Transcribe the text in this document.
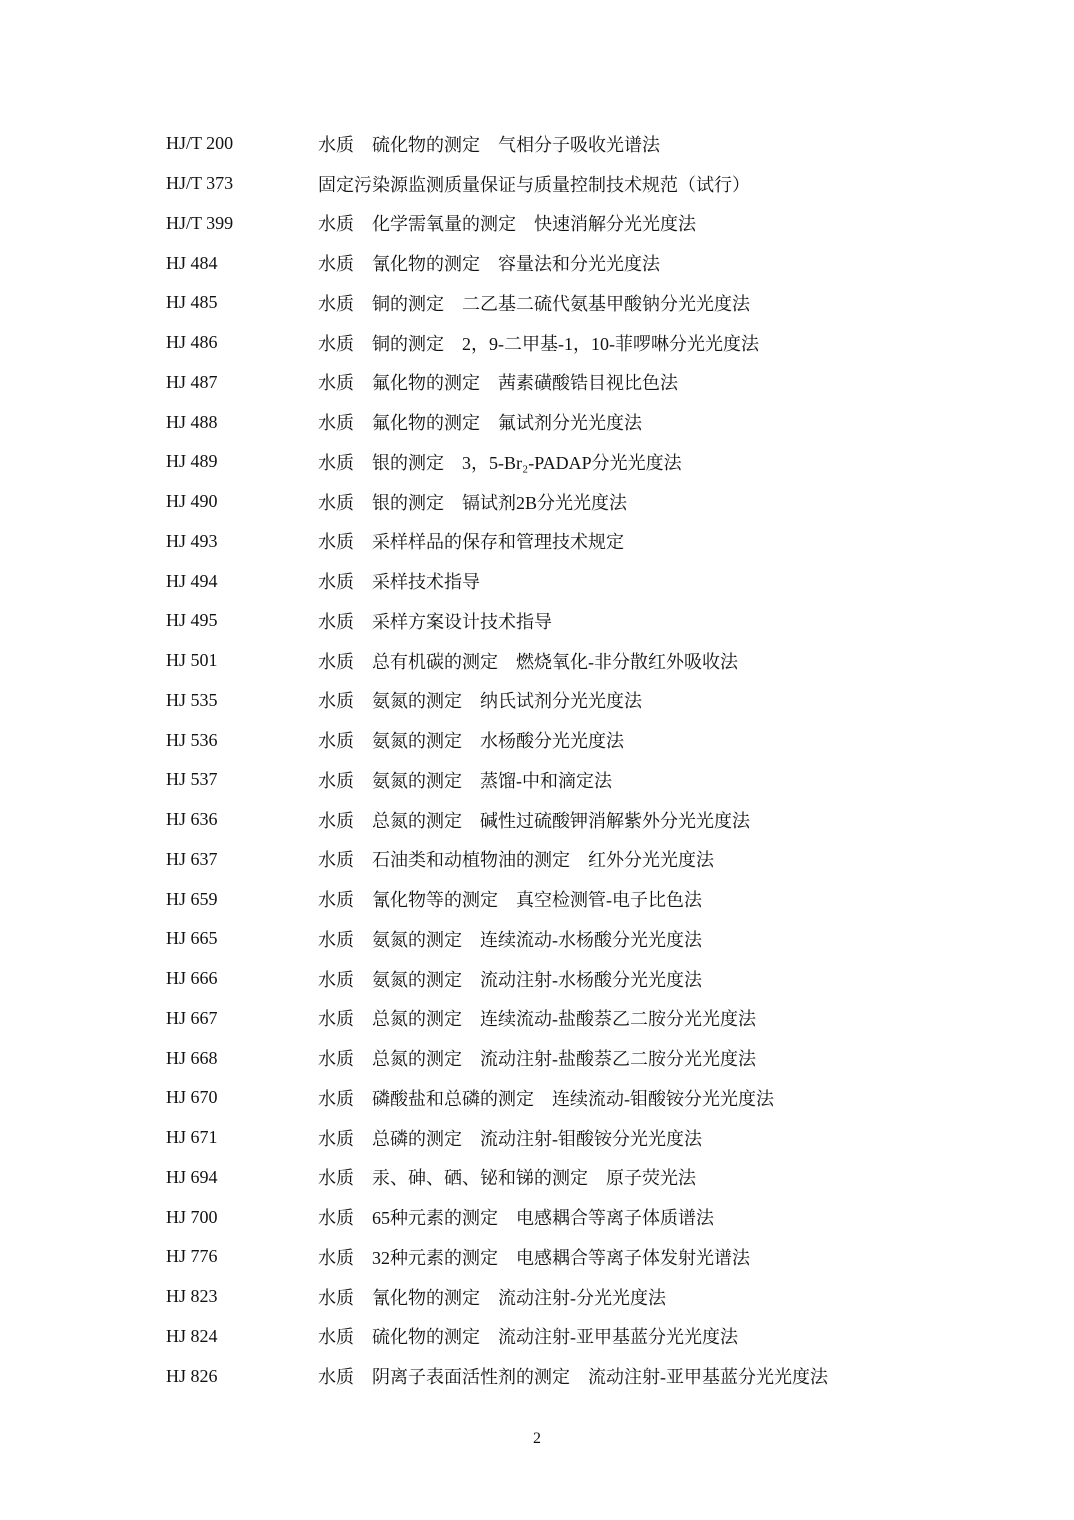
HJ/T 200	水质　硫化物的测定　气相分子吸收光谱法
HJ/T 373	固定污染源监测质量保证与质量控制技术规范（试行）
HJ/T 399	水质　化学需氧量的测定　快速消解分光光度法
HJ 484	水质　氰化物的测定　容量法和分光光度法
HJ 485	水质　铜的测定　二乙基二硫代氨基甲酸钠分光光度法
HJ 486	水质　铜的测定　2，9-二甲基-1，10-菲啰啉分光光度法
HJ 487	水质　氟化物的测定　茜素磺酸锆目视比色法
HJ 488	水质　氟化物的测定　氟试剂分光光度法
HJ 489	水质　银的测定　3，5-Br₂-PADAP分光光度法
HJ 490	水质　银的测定　镉试剂2B分光光度法
HJ 493	水质　采样样品的保存和管理技术规定
HJ 494	水质　采样技术指导
HJ 495	水质　采样方案设计技术指导
HJ 501	水质　总有机碳的测定　燃烧氧化-非分散红外吸收法
HJ 535	水质　氨氮的测定　纳氏试剂分光光度法
HJ 536	水质　氨氮的测定　水杨酸分光光度法
HJ 537	水质　氨氮的测定　蒸馏-中和滴定法
HJ 636	水质　总氮的测定　碱性过硫酸钾消解紫外分光光度法
HJ 637	水质　石油类和动植物油的测定　红外分光光度法
HJ 659	水质　氰化物等的测定　真空检测管-电子比色法
HJ 665	水质　氨氮的测定　连续流动-水杨酸分光光度法
HJ 666	水质　氨氮的测定　流动注射-水杨酸分光光度法
HJ 667	水质　总氮的测定　连续流动-盐酸萘乙二胺分光光度法
HJ 668	水质　总氮的测定　流动注射-盐酸萘乙二胺分光光度法
HJ 670	水质　磷酸盐和总磷的测定　连续流动-钼酸铵分光光度法
HJ 671	水质　总磷的测定　流动注射-钼酸铵分光光度法
HJ 694	水质　汞、砷、硒、铋和锑的测定　原子荧光法
HJ 700	水质　65种元素的测定　电感耦合等离子体质谱法
HJ 776	水质　32种元素的测定　电感耦合等离子体发射光谱法
HJ 823	水质　氰化物的测定　流动注射-分光光度法
HJ 824	水质　硫化物的测定　流动注射-亚甲基蓝分光光度法
HJ 826	水质　阴离子表面活性剂的测定　流动注射-亚甲基蓝分光光度法
2
